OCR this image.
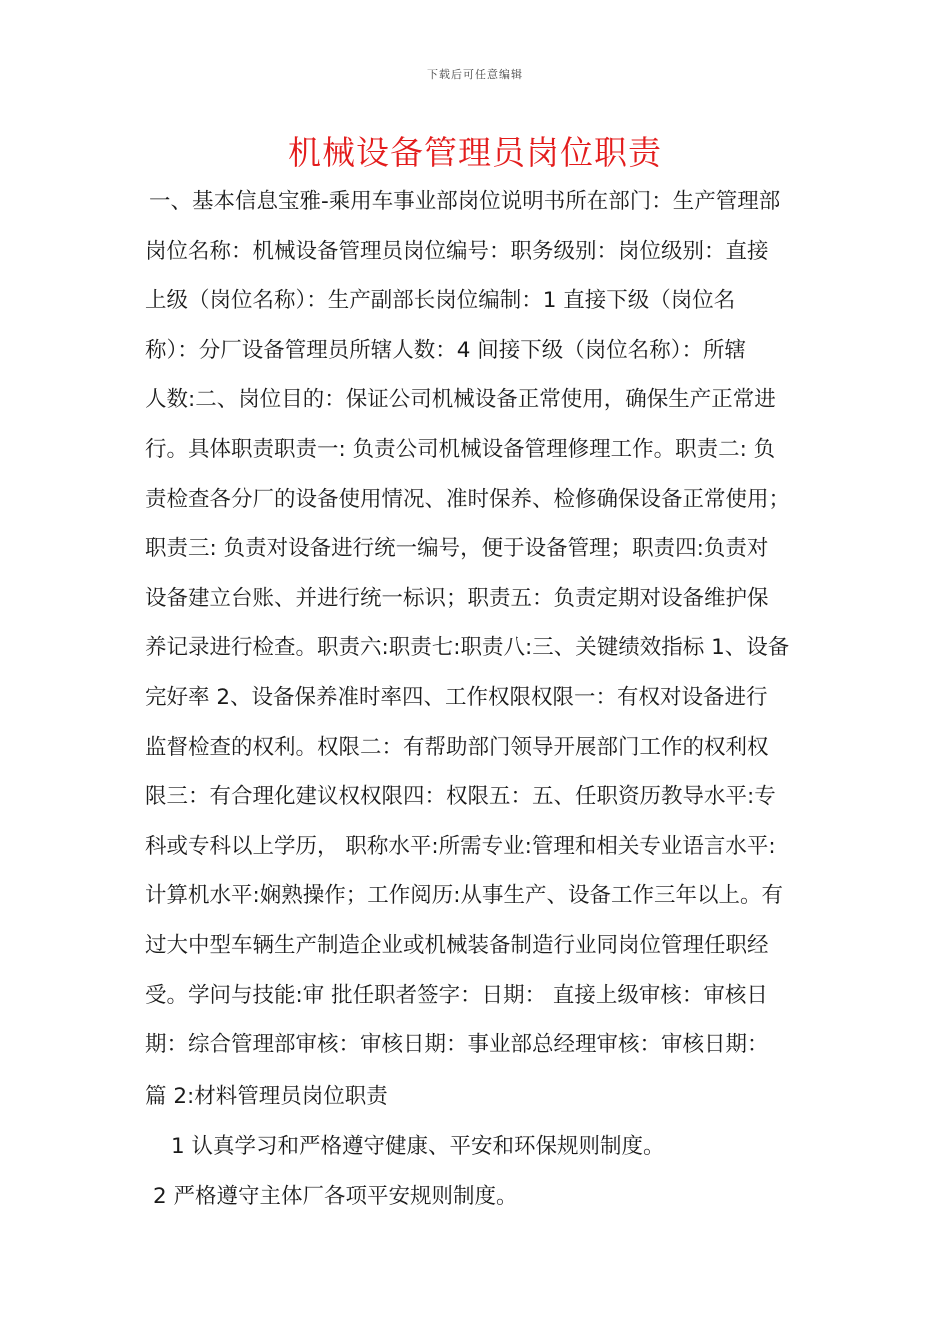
下载后可任意编辑
机械设备管理员岗位职责
一、基本信息宝雅-乘用车事业部岗位说明书所在部门：生产管理部
岗位名称：机械设备管理员岗位编号：职务级别：岗位级别：直接
上级（岗位名称）：生产副部长岗位编制：1 直接下级（岗位名
称）：分厂设备管理员所辖人数：4 间接下级（岗位名称）：所辖
人数:二、岗位目的：保证公司机械设备正常使用，确保生产正常进
行。具体职责职责一: 负责公司机械设备管理修理工作。职责二: 负
责检查各分厂的设备使用情况、准时保养、检修确保设备正常使用；
职责三: 负责对设备进行统一编号，便于设备管理；职责四:负责对
设备建立台账、并进行统一标识；职责五：负责定期对设备维护保
养记录进行检查。职责六:职责七:职责八:三、关键绩效指标 1、设备
完好率 2、设备保养准时率四、工作权限权限一：有权对设备进行
监督检查的权利。权限二：有帮助部门领导开展部门工作的权利权
限三：有合理化建议权权限四：权限五：五、任职资历教导水平:专
科或专科以上学历， 职称水平:所需专业:管理和相关专业语言水平:
计算机水平:娴熟操作；工作阅历:从事生产、设备工作三年以上。有
过大中型车辆生产制造企业或机械装备制造行业同岗位管理任职经
受。学问与技能:审 批任职者签字：日期： 直接上级审核：审核日
期：综合管理部审核：审核日期：事业部总经理审核：审核日期：
篇 2:材料管理员岗位职责
1 认真学习和严格遵守健康、平安和环保规则制度。
2 严格遵守主体厂各项平安规则制度。
